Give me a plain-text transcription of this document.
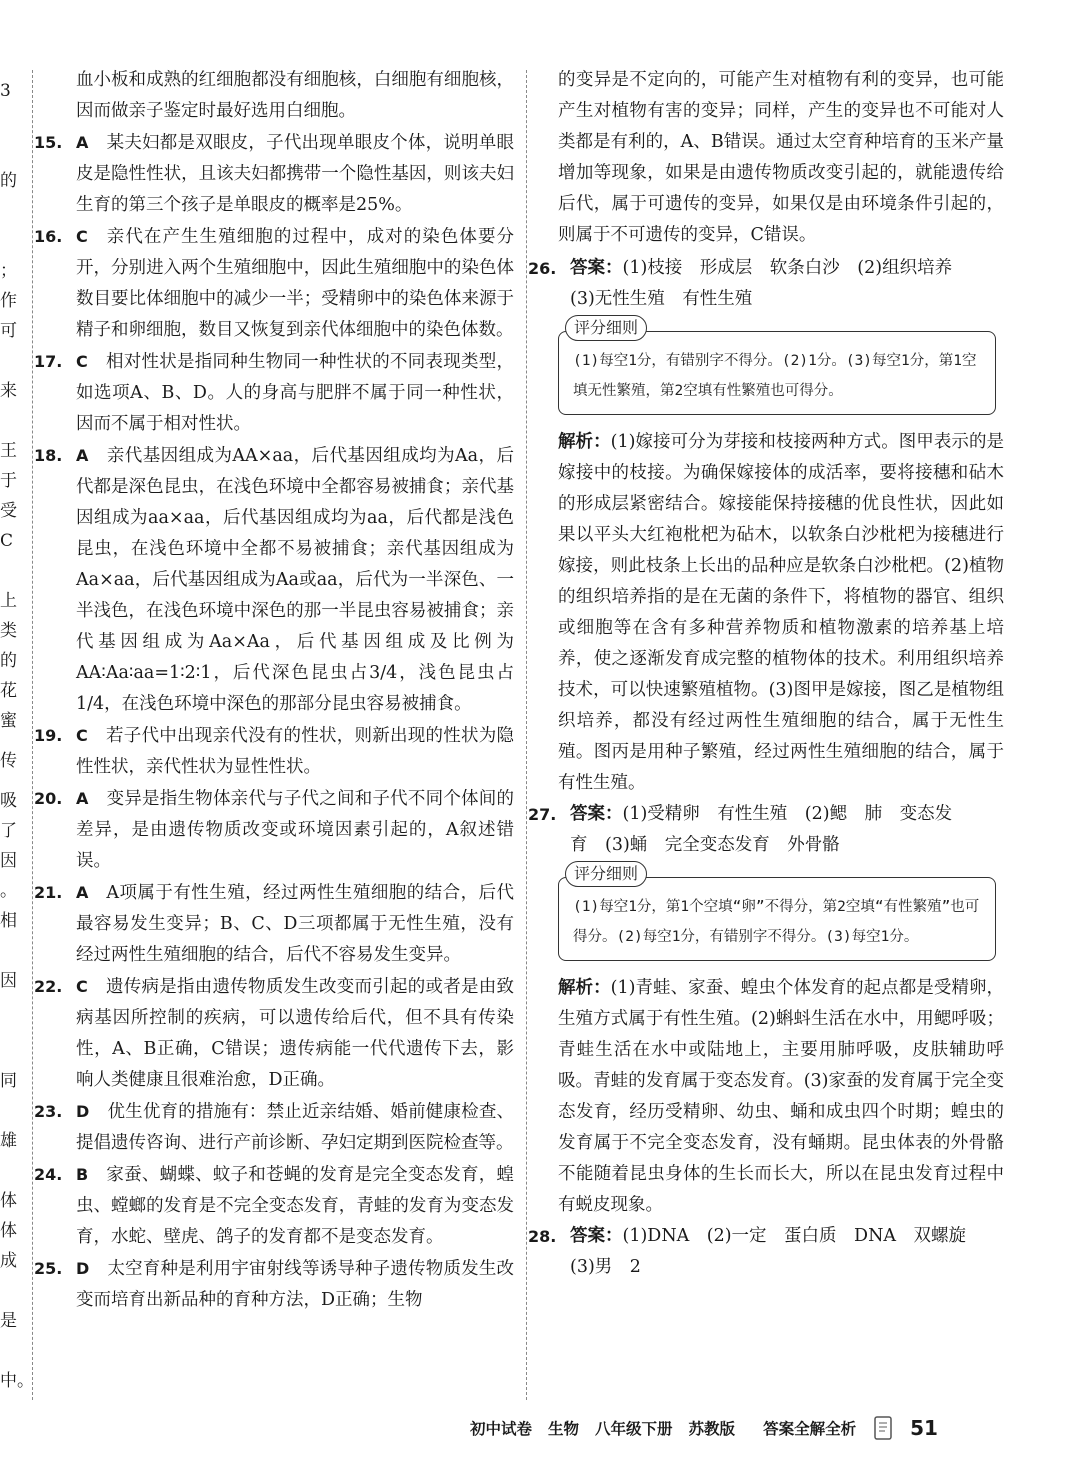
3
的
；
作
可
来
王
于
受
C
上
类
的
花
蜜
传
吸
了
因
。
相
因
同
雄
体
体
成
是
中。

血小板和成熟的红细胞都没有细胞核，白细胞有细胞核，因而做亲子鉴定时最好选用白细胞。

15. A 某夫妇都是双眼皮，子代出现单眼皮个体，说明单眼皮是隐性性状，且该夫妇都携带一个隐性基因，则该夫妇生育的第三个孩子是单眼皮的概率是25%。

16. C 亲代在产生生殖细胞的过程中，成对的染色体要分开，分别进入两个生殖细胞中，因此生殖细胞中的染色体数目要比体细胞中的减少一半；受精卵中的染色体来源于精子和卵细胞，数目又恢复到亲代体细胞中的染色体数。

17. C 相对性状是指同种生物同一种性状的不同表现类型，如选项A、B、D。人的身高与肥胖不属于同一种性状，因而不属于相对性状。

18. A 亲代基因组成为AA×aa，后代基因组成均为Aa，后代都是深色昆虫，在浅色环境中全都容易被捕食；亲代基因组成为aa×aa，后代基因组成均为aa，后代都是浅色昆虫，在浅色环境中全都不易被捕食；亲代基因组成为Aa×aa，后代基因组成为Aa或aa，后代为一半深色、一半浅色，在浅色环境中深色的那一半昆虫容易被捕食；亲代基因组成为Aa×Aa，后代基因组成及比例为AA∶Aa∶aa=1∶2∶1，后代深色昆虫占3/4，浅色昆虫占1/4，在浅色环境中深色的那部分昆虫容易被捕食。

19. C 若子代中出现亲代没有的性状，则新出现的性状为隐性性状，亲代性状为显性性状。

20. A 变异是指生物体亲代与子代之间和子代不同个体间的差异，是由遗传物质改变或环境因素引起的，A叙述错误。

21. A A项属于有性生殖，经过两性生殖细胞的结合，后代最容易发生变异；B、C、D三项都属于无性生殖，没有经过两性生殖细胞的结合，后代不容易发生变异。

22. C 遗传病是指由遗传物质发生改变而引起的或者是由致病基因所控制的疾病，可以遗传给后代，但不具有传染性，A、B正确，C错误；遗传病能一代代遗传下去，影响人类健康且很难治愈，D正确。

23. D 优生优育的措施有：禁止近亲结婚、婚前健康检查、提倡遗传咨询、进行产前诊断、孕妇定期到医院检查等。

24. B 家蚕、蝴蝶、蚊子和苍蝇的发育是完全变态发育，蝗虫、螳螂的发育是不完全变态发育，青蛙的发育为变态发育，水蛇、壁虎、鸽子的发育都不是变态发育。

25. D 太空育种是利用宇宙射线等诱导种子遗传物质发生改变而培育出新品种的育种方法，D正确；生物

的变异是不定向的，可能产生对植物有利的变异，也可能产生对植物有害的变异；同样，产生的变异也不可能对人类都是有利的，A、B错误。通过太空育种培育的玉米产量增加等现象，如果是由遗传物质改变引起的，就能遗传给后代，属于可遗传的变异，如果仅是由环境条件引起的，则属于不可遗传的变异，C错误。

26. 答案：(1)枝接　形成层　软条白沙　(2)组织培养
(3)无性生殖　有性生殖
评分细则
(1)每空1分，有错别字不得分。(2)1分。(3)每空1分，第1空填无性繁殖，第2空填有性繁殖也可得分。

解析：(1)嫁接可分为芽接和枝接两种方式。图甲表示的是嫁接中的枝接。为确保嫁接体的成活率，要将接穗和砧木的形成层紧密结合。嫁接能保持接穗的优良性状，因此如果以平头大红袍枇杷为砧木，以软条白沙枇杷为接穗进行嫁接，则此枝条上长出的品种应是软条白沙枇杷。(2)植物的组织培养指的是在无菌的条件下，将植物的器官、组织或细胞等在含有多种营养物质和植物激素的培养基上培养，使之逐渐发育成完整的植物体的技术。利用组织培养技术，可以快速繁殖植物。(3)图甲是嫁接，图乙是植物组织培养，都没有经过两性生殖细胞的结合，属于无性生殖。图丙是用种子繁殖，经过两性生殖细胞的结合，属于有性生殖。

27. 答案：(1)受精卵　有性生殖　(2)鳃　肺　变态发
育　(3)蛹　完全变态发育　外骨骼
评分细则
(1)每空1分，第1个空填“卵”不得分，第2空填“有性繁殖”也可得分。(2)每空1分，有错别字不得分。(3)每空1分。

解析：(1)青蛙、家蚕、蝗虫个体发育的起点都是受精卵，生殖方式属于有性生殖。(2)蝌蚪生活在水中，用鳃呼吸；青蛙生活在水中或陆地上，主要用肺呼吸，皮肤辅助呼吸。青蛙的发育属于变态发育。(3)家蚕的发育属于完全变态发育，经历受精卵、幼虫、蛹和成虫四个时期；蝗虫的发育属于不完全变态发育，没有蛹期。昆虫体表的外骨骼不能随着昆虫身体的生长而长大，所以在昆虫发育过程中有蜕皮现象。

28. 答案：(1)DNA　(2)一定　蛋白质　DNA　双螺旋
(3)男　2
初中试卷 生物 八年级下册 苏教版 答案全解全析	51
